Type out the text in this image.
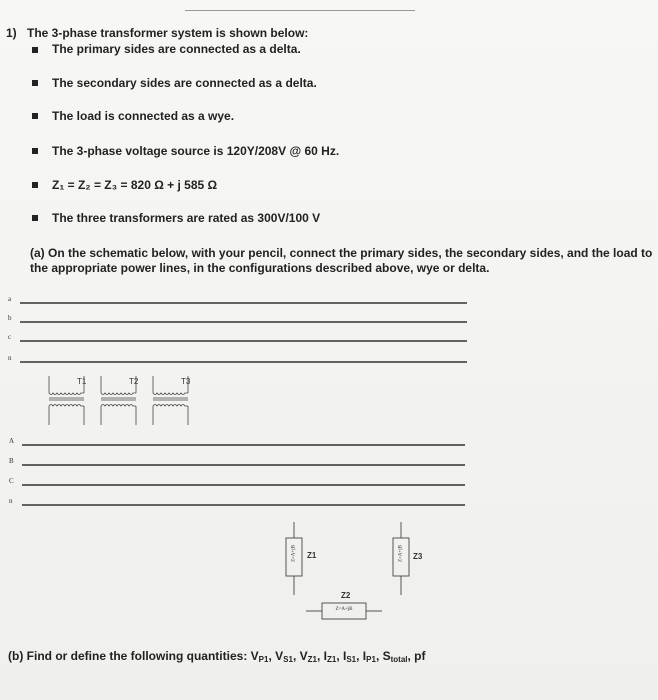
1) The 3-phase transformer system is shown below:
The primary sides are connected as a delta.
The secondary sides are connected as a delta.
The load is connected as a wye.
The 3-phase voltage source is 120Y/208V @ 60 Hz.
Z₁ = Z₂ = Z₃ = 820 Ω + j 585 Ω
The three transformers are rated as 300V/100 V
(a) On the schematic below, with your pencil, connect the primary sides, the secondary sides, and the load to the appropriate power lines, in the configurations described above, wye or delta.
a
b
c
n
A
B
C
n
T1	T2	T3
Z1	Z3
Z2
Z=A+jB	Z=A+jB
Z=A+jB
(b) Find or define the following quantities: $V_{P1}$, $V_{S1}$, $V_{Z1}$, $I_{Z1}$, $I_{S1}$, $I_{P1}$, $S_{total}$, pf
